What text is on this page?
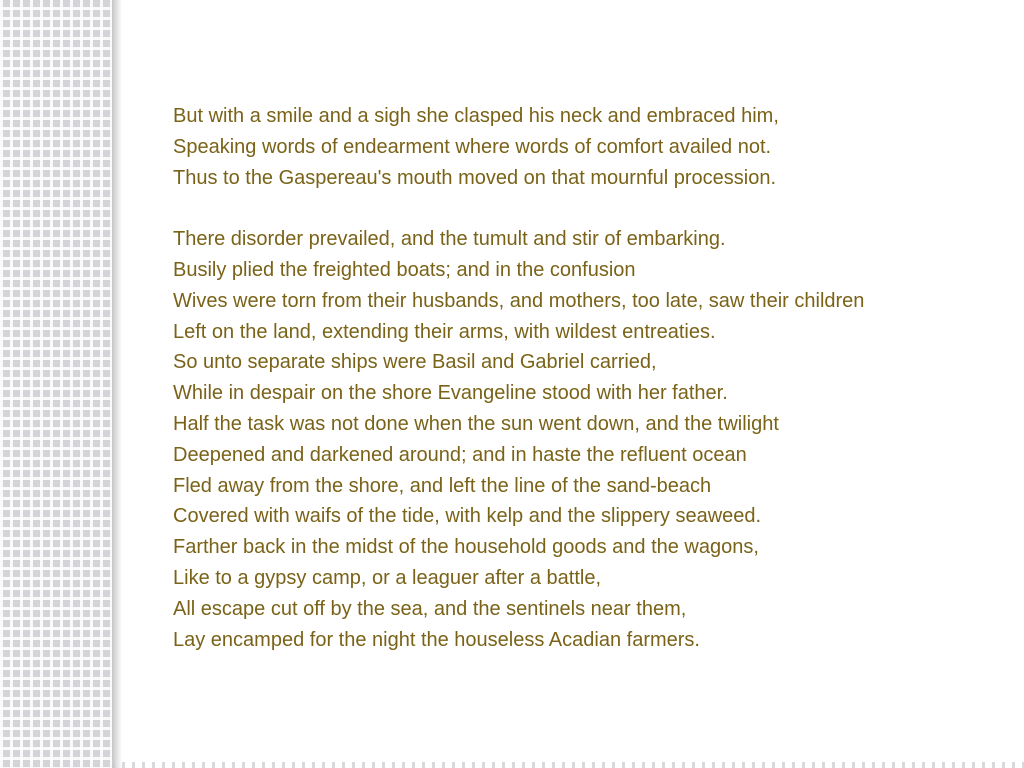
But with a smile and a sigh she clasped his neck and embraced him,
Speaking words of endearment where words of comfort availed not.
Thus to the Gaspereau's mouth moved on that mournful procession.

There disorder prevailed, and the tumult and stir of embarking.
Busily plied the freighted boats; and in the confusion
Wives were torn from their husbands, and mothers, too late, saw their children
Left on the land, extending their arms, with wildest entreaties.
So unto separate ships were Basil and Gabriel carried,
While in despair on the shore Evangeline stood with her father.
Half the task was not done when the sun went down, and the twilight
Deepened and darkened around; and in haste the refluent ocean
Fled away from the shore, and left the line of the sand-beach
Covered with waifs of the tide, with kelp and the slippery seaweed.
Farther back in the midst of the household goods and the wagons,
Like to a gypsy camp, or a leaguer after a battle,
All escape cut off by the sea, and the sentinels near them,
Lay encamped for the night the houseless Acadian farmers.
